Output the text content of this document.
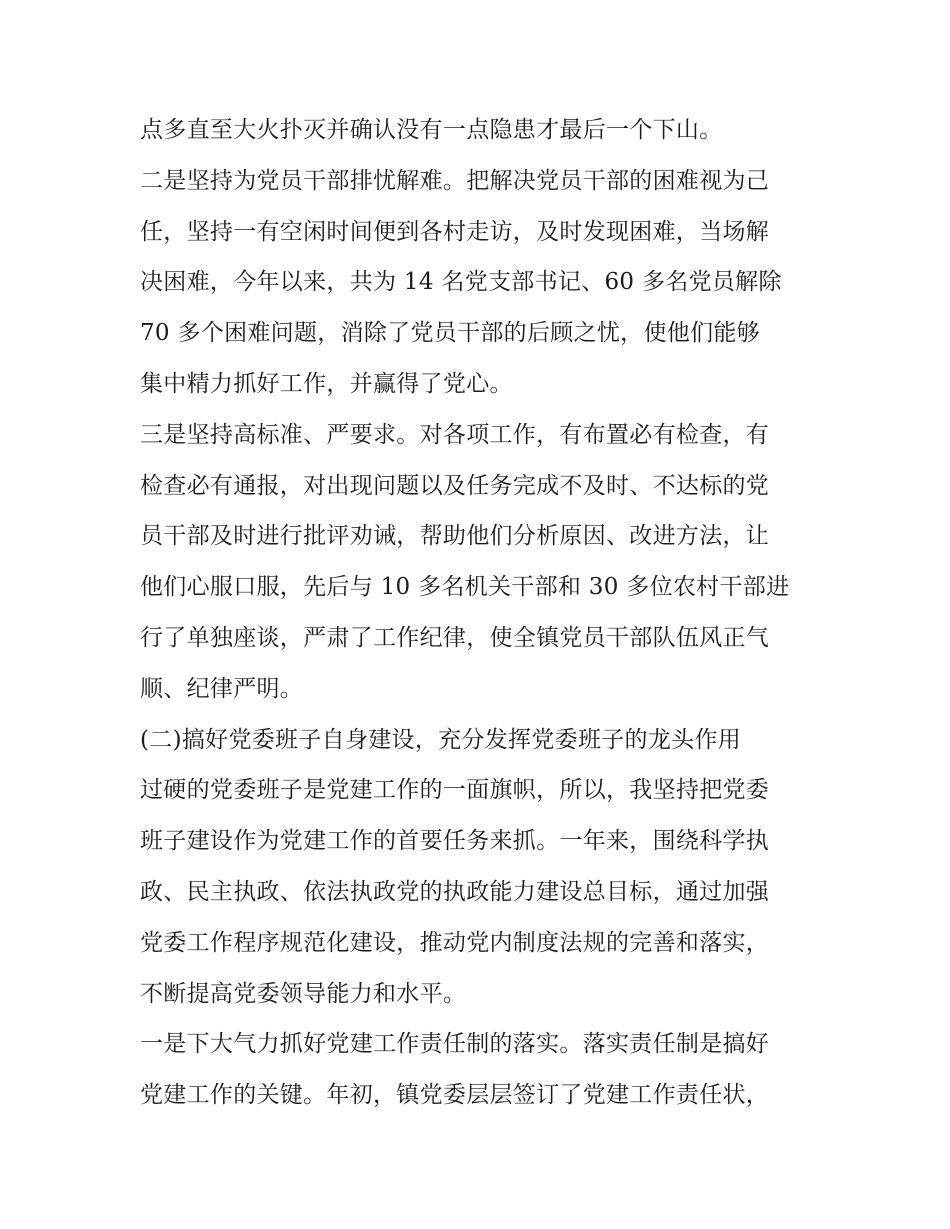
点多直至大火扑灭并确认没有一点隐患才最后一个下山。
二是坚持为党员干部排忧解难。把解决党员干部的困难视为己
任，坚持一有空闲时间便到各村走访，及时发现困难，当场解
决困难，今年以来，共为 14 名党支部书记、60 多名党员解除
70 多个困难问题，消除了党员干部的后顾之忧，使他们能够
集中精力抓好工作，并赢得了党心。
三是坚持高标准、严要求。对各项工作，有布置必有检查，有
检查必有通报，对出现问题以及任务完成不及时、不达标的党
员干部及时进行批评劝诫，帮助他们分析原因、改进方法，让
他们心服口服，先后与 10 多名机关干部和 30 多位农村干部进
行了单独座谈，严肃了工作纪律，使全镇党员干部队伍风正气
顺、纪律严明。
(二)搞好党委班子自身建设，充分发挥党委班子的龙头作用
过硬的党委班子是党建工作的一面旗帜，所以，我坚持把党委
班子建设作为党建工作的首要任务来抓。一年来，围绕科学执
政、民主执政、依法执政党的执政能力建设总目标，通过加强
党委工作程序规范化建设，推动党内制度法规的完善和落实，
不断提高党委领导能力和水平。
一是下大气力抓好党建工作责任制的落实。落实责任制是搞好
党建工作的关键。年初，镇党委层层签订了党建工作责任状，
